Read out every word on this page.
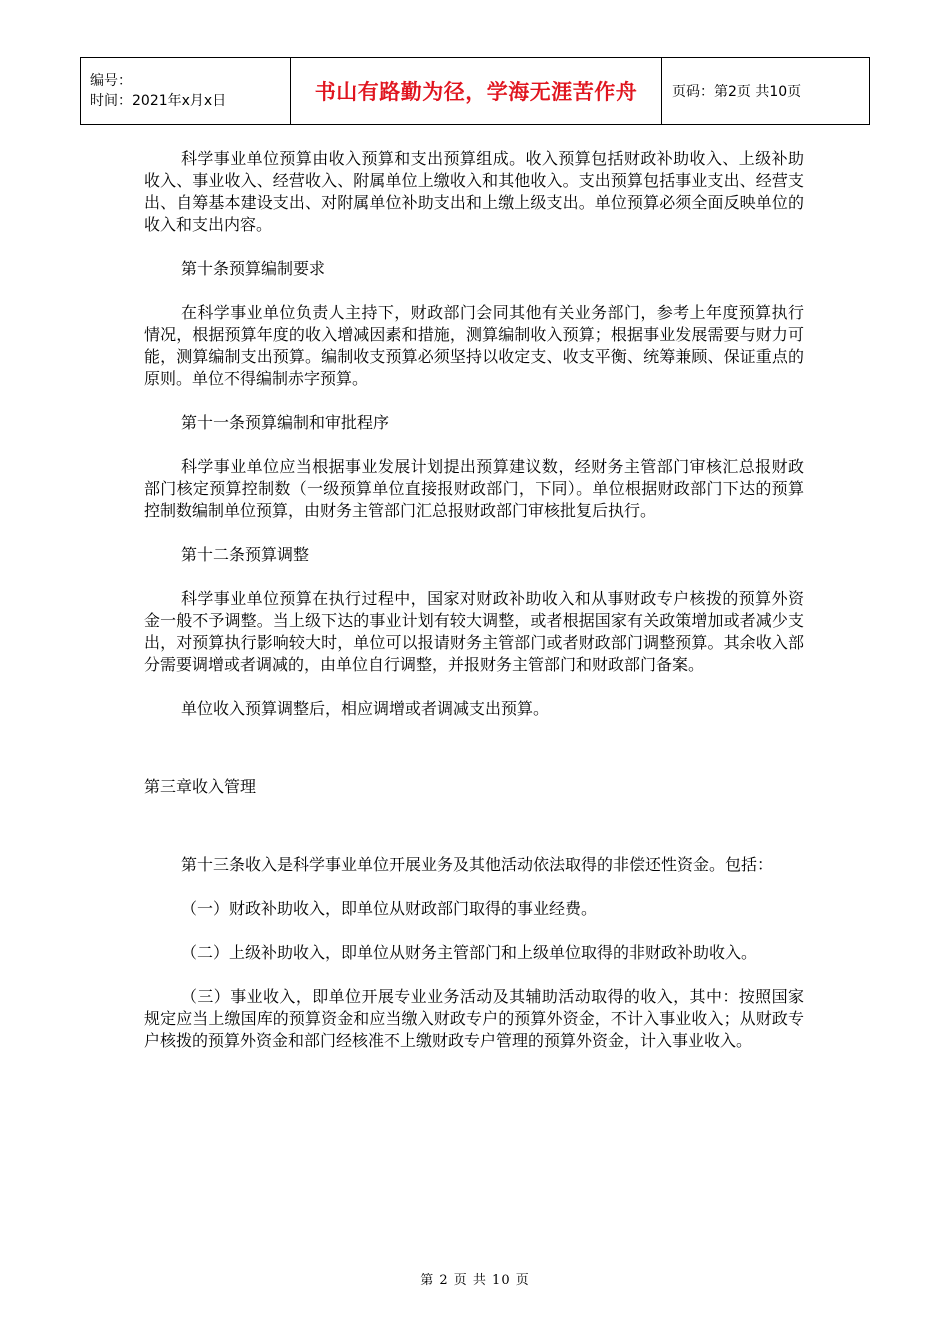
编号：
时间：2021年x月x日	书山有路勤为径，学海无涯苦作舟	页码：第2页 共10页

科学事业单位预算由收入预算和支出预算组成。收入预算包括财政补助收入、上级补助收入、事业收入、经营收入、附属单位上缴收入和其他收入。支出预算包括事业支出、经营支出、自筹基本建设支出、对附属单位补助支出和上缴上级支出。单位预算必须全面反映单位的收入和支出内容。

第十条预算编制要求

在科学事业单位负责人主持下，财政部门会同其他有关业务部门，参考上年度预算执行情况，根据预算年度的收入增减因素和措施，测算编制收入预算；根据事业发展需要与财力可能，测算编制支出预算。编制收支预算必须坚持以收定支、收支平衡、统筹兼顾、保证重点的原则。单位不得编制赤字预算。

第十一条预算编制和审批程序

科学事业单位应当根据事业发展计划提出预算建议数，经财务主管部门审核汇总报财政部门核定预算控制数（一级预算单位直接报财政部门，下同）。单位根据财政部门下达的预算控制数编制单位预算，由财务主管部门汇总报财政部门审核批复后执行。

第十二条预算调整

科学事业单位预算在执行过程中，国家对财政补助收入和从事财政专户核拨的预算外资金一般不予调整。当上级下达的事业计划有较大调整，或者根据国家有关政策增加或者减少支出，对预算执行影响较大时，单位可以报请财务主管部门或者财政部门调整预算。其余收入部分需要调增或者调减的，由单位自行调整，并报财务主管部门和财政部门备案。

单位收入预算调整后，相应调增或者调减支出预算。

第三章收入管理

第十三条收入是科学事业单位开展业务及其他活动依法取得的非偿还性资金。包括：

（一）财政补助收入，即单位从财政部门取得的事业经费。

（二）上级补助收入，即单位从财务主管部门和上级单位取得的非财政补助收入。

（三）事业收入，即单位开展专业业务活动及其辅助活动取得的收入，其中：按照国家规定应当上缴国库的预算资金和应当缴入财政专户的预算外资金，不计入事业收入；从财政专户核拨的预算外资金和部门经核准不上缴财政专户管理的预算外资金，计入事业收入。

第 2 页 共 10 页
